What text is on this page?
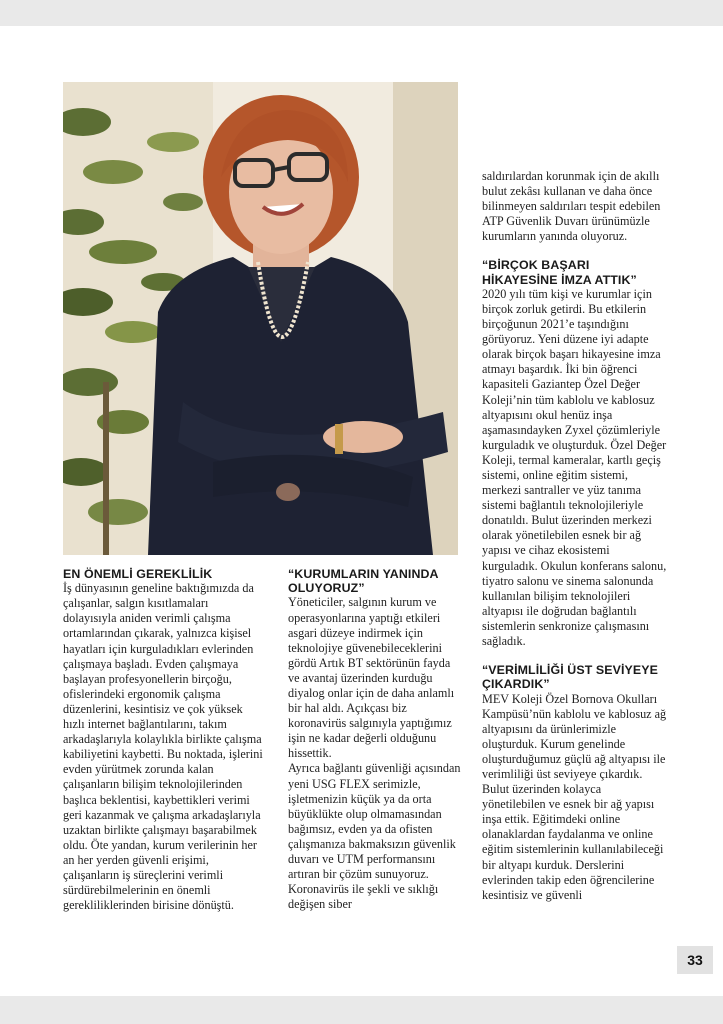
EN ÖNEMLİ GEREKLİLİK

İş dünyasının geneline baktığımızda da çalışanlar, salgın kısıtlamaları dolayısıyla aniden verimli çalışma ortamlarından çıkarak, yalnızca kişisel hayatları için kurguladıkları evlerinden çalışmaya başladı. Evden çalışmaya başlayan profesyonellerin birçoğu, ofislerindeki ergonomik çalışma düzenlerini, kesintisiz ve çok yüksek hızlı internet bağlantılarını, takım arkadaşlarıyla kolaylıkla birlikte çalışma kabiliyetini kaybetti. Bu noktada, işlerini evden yürütmek zorunda kalan çalışanların bilişim teknolojilerinden başlıca beklentisi, kaybettikleri verimi geri kazanmak ve çalışma arkadaşlarıyla uzaktan birlikte çalışmayı başarabilmek oldu. Öte yandan, kurum verilerinin her an her yerden güvenli erişimi, çalışanların iş süreçlerini verimli sürdürebilmelerinin en önemli gerekliliklerinden birisine dönüştü.

“KURUMLARIN YANINDA OLUYORUZ”

Yöneticiler, salgının kurum ve operasyonlarına yaptığı etkileri asgari düzeye indirmek için teknolojiye güvenebileceklerini gördü Artık BT sektörünün fayda ve avantaj üzerinden kurduğu diyalog onlar için de daha anlamlı bir hal aldı. Açıkçası biz koronavirüs salgınıyla yaptığımız işin ne kadar değerli olduğunu hissettik.

Ayrıca bağlantı güvenliği açısından yeni USG FLEX serimizle, işletmenizin küçük ya da orta büyüklükte olup olmamasından bağımsız, evden ya da ofisten çalışmanıza bakmaksızın güvenlik duvarı ve UTM performansını artıran bir çözüm sunuyoruz. Koronavirüs ile şekli ve sıklığı değişen siber

saldırılardan korunmak için de akıllı bulut zekâsı kullanan ve daha önce bilinmeyen saldırıları tespit edebilen ATP Güvenlik Duvarı ürünümüzle kurumların yanında oluyoruz.

“BİRÇOK BAŞARI HİKAYESİNE İMZA ATTIK”

2020 yılı tüm kişi ve kurumlar için birçok zorluk getirdi. Bu etkilerin birçoğunun 2021’e taşındığını görüyoruz. Yeni düzene iyi adapte olarak birçok başarı hikayesine imza atmayı başardık. İki bin öğrenci kapasiteli Gaziantep Özel Değer Koleji’nin tüm kablolu ve kablosuz altyapısını okul henüz inşa aşamasındayken Zyxel çözümleriyle kurguladık ve oluşturduk. Özel Değer Koleji, termal kameralar, kartlı geçiş sistemi, online eğitim sistemi, merkezi santraller ve yüz tanıma sistemi bağlantılı teknolojileriyle donatıldı. Bulut üzerinden merkezi olarak yönetilebilen esnek bir ağ yapısı ve cihaz ekosistemi kurguladık. Okulun konferans salonu, tiyatro salonu ve sinema salonunda kullanılan bilişim teknolojileri altyapısı ile doğrudan bağlantılı sistemlerin senkronize çalışmasını sağladık.

“VERİMLİLİĞİ ÜST SEVİYEYE ÇIKARDIK”

MEV Koleji Özel Bornova Okulları Kampüsü’nün kablolu ve kablosuz ağ altyapısını da ürünlerimizle oluşturduk. Kurum genelinde oluşturduğumuz güçlü ağ altyapısı ile verimliliği üst seviyeye çıkardık. Bulut üzerinden kolayca yönetilebilen ve esnek bir ağ yapısı inşa ettik. Eğitimdeki online olanaklardan faydalanma ve online eğitim sistemlerinin kullanılabileceği bir altyapı kurduk. Derslerini evlerinden takip eden öğrencilerine kesintisiz ve güvenli

33
